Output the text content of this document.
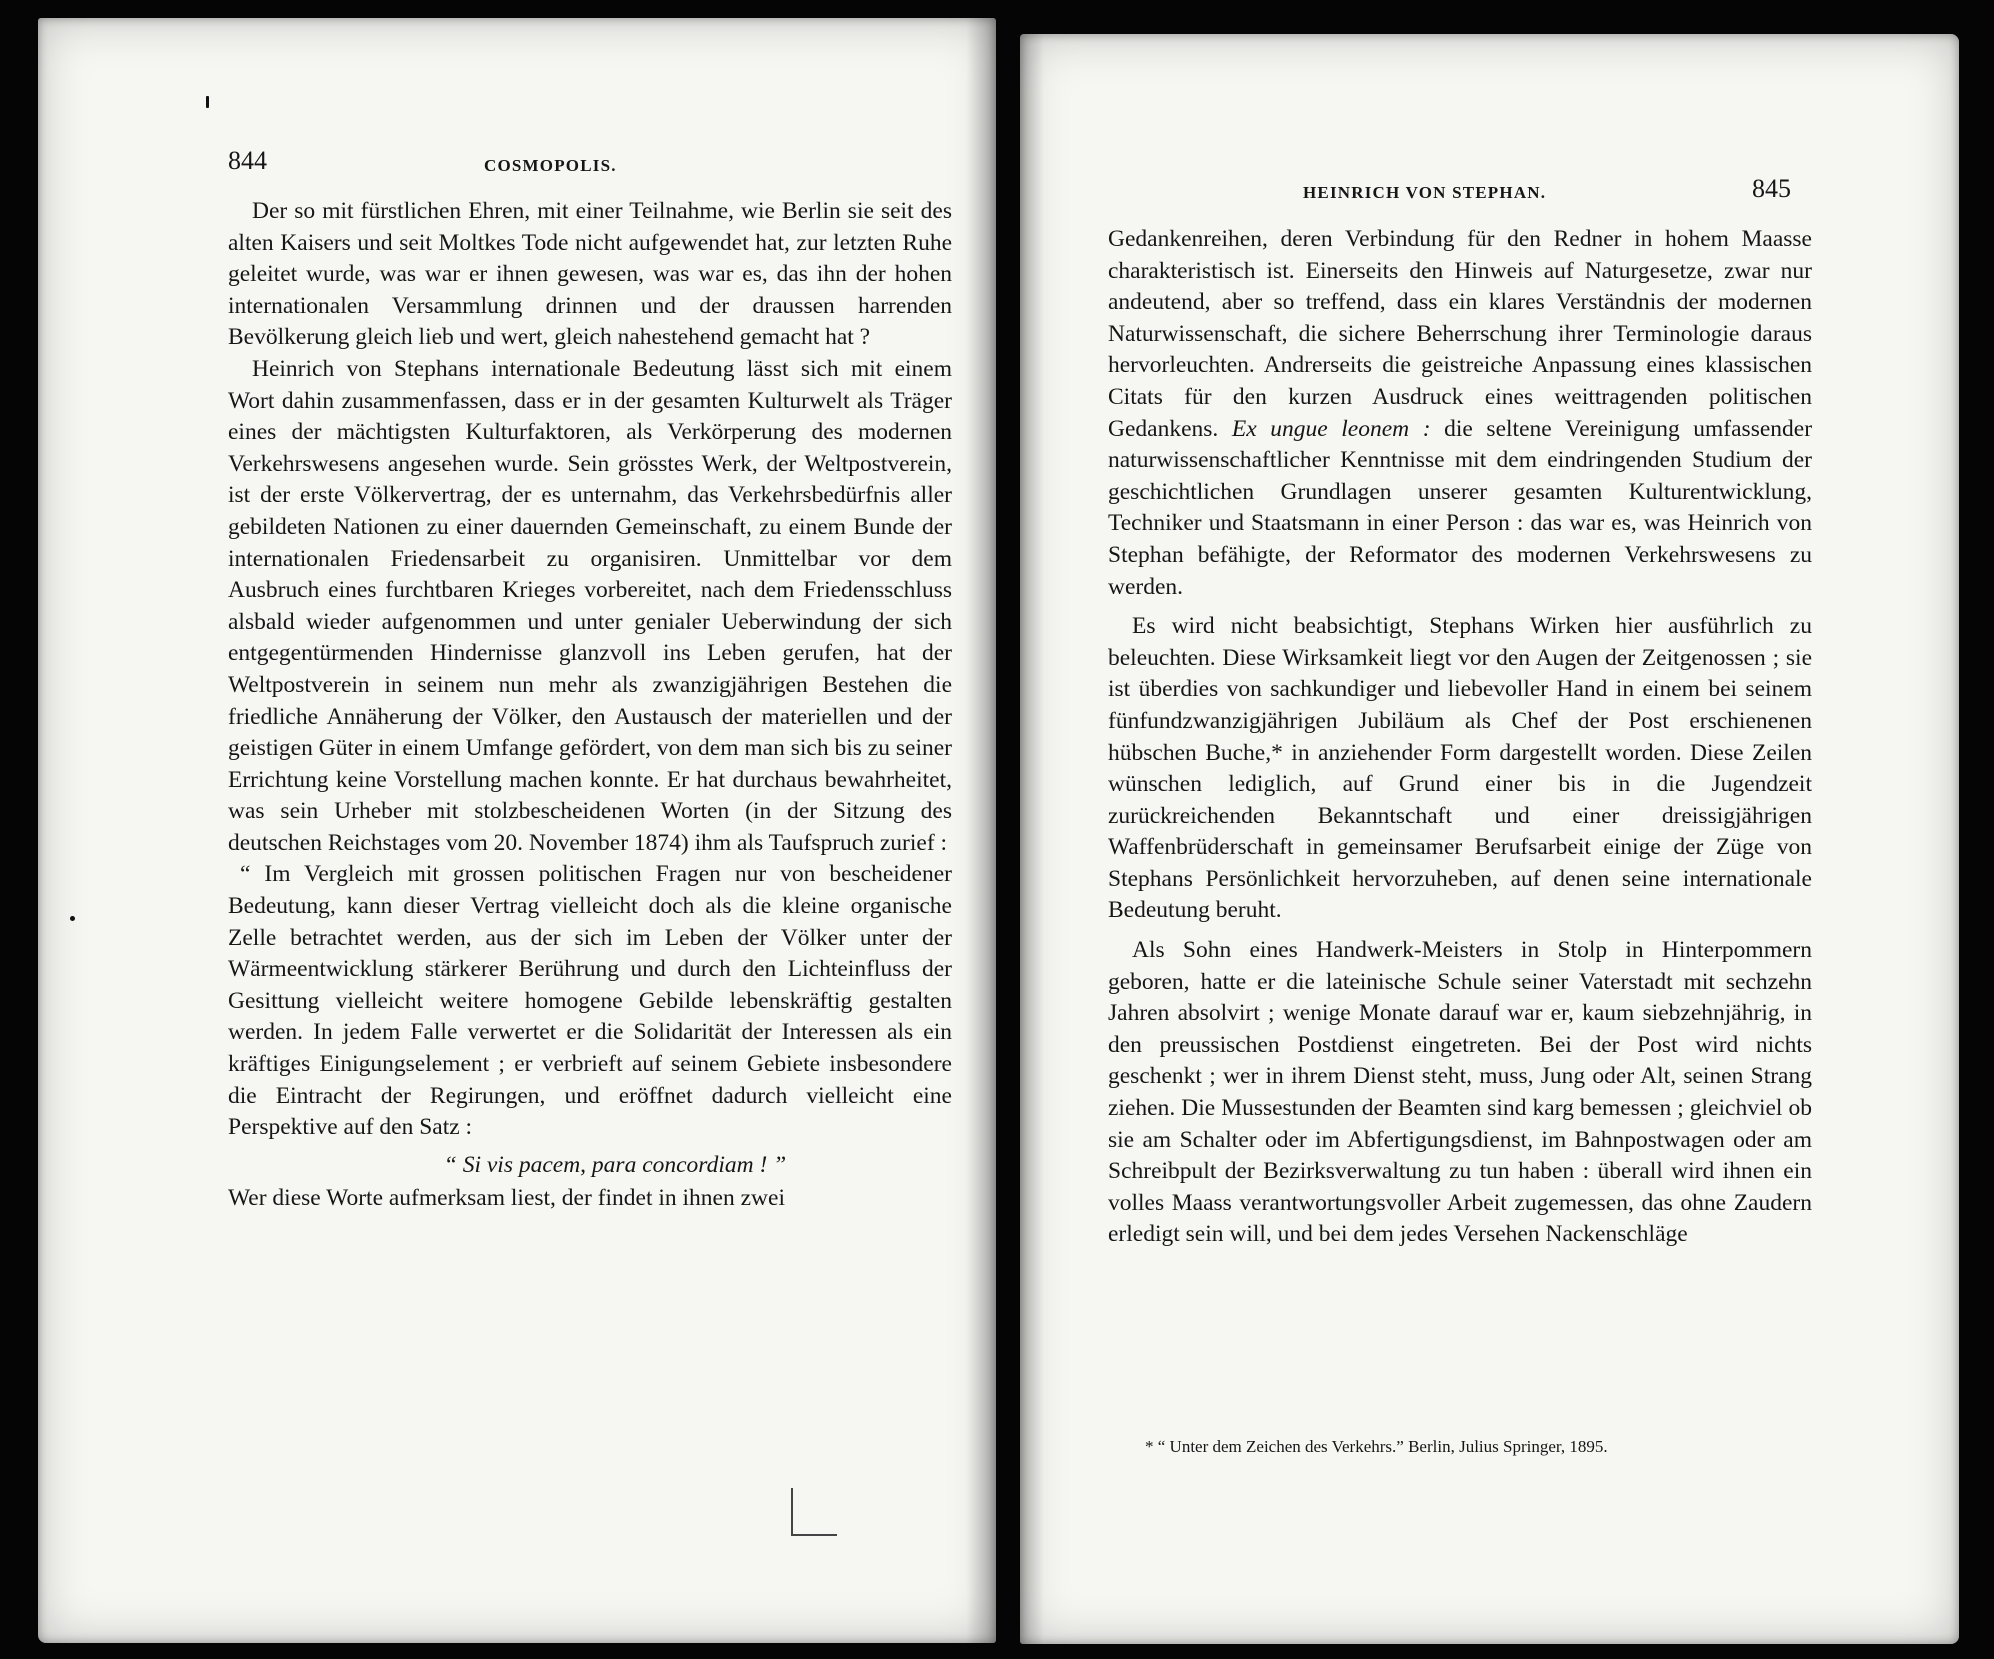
844	COSMOPOLIS.

Der so mit fürstlichen Ehren, mit einer Teilnahme, wie Berlin sie seit des alten Kaisers und seit Moltkes Tode nicht aufgewendet hat, zur letzten Ruhe geleitet wurde, was war er ihnen gewesen, was war es, das ihn der hohen internationalen Versammlung drinnen und der draussen harrenden Bevölkerung gleich lieb und wert, gleich nahestehend gemacht hat ?

Heinrich von Stephans internationale Bedeutung lässt sich mit einem Wort dahin zusammenfassen, dass er in der gesamten Kulturwelt als Träger eines der mächtigsten Kulturfaktoren, als Verkörperung des modernen Verkehrswesens angesehen wurde. Sein grösstes Werk, der Weltpostverein, ist der erste Völkervertrag, der es unternahm, das Verkehrsbedürfnis aller gebildeten Nationen zu einer dauernden Gemeinschaft, zu einem Bunde der internationalen Friedensarbeit zu organisiren. Unmittelbar vor dem Ausbruch eines furchtbaren Krieges vorbereitet, nach dem Friedensschluss alsbald wieder aufgenommen und unter genialer Ueberwindung der sich entgegentürmenden Hindernisse glanzvoll ins Leben gerufen, hat der Weltpostverein in seinem nun mehr als zwanzigjährigen Bestehen die friedliche Annäherung der Völker, den Austausch der materiellen und der geistigen Güter in einem Umfange gefördert, von dem man sich bis zu seiner Errichtung keine Vorstellung machen konnte. Er hat durchaus bewahrheitet, was sein Urheber mit stolzbescheidenen Worten (in der Sitzung des deutschen Reichstages vom 20. November 1874) ihm als Taufspruch zurief :

“ Im Vergleich mit grossen politischen Fragen nur von bescheidener Bedeutung, kann dieser Vertrag vielleicht doch als die kleine organische Zelle betrachtet werden, aus der sich im Leben der Völker unter der Wärmeentwicklung stärkerer Berührung und durch den Lichteinfluss der Gesittung vielleicht weitere homogene Gebilde lebenskräftig gestalten werden. In jedem Falle verwertet er die Solidarität der Interessen als ein kräftiges Einigungselement ; er verbrieft auf seinem Gebiete insbesondere die Eintracht der Regirungen, und eröffnet dadurch vielleicht eine Perspektive auf den Satz :

“ Si vis pacem, para concordiam ! ”

Wer diese Worte aufmerksam liest, der findet in ihnen zwei

HEINRICH VON STEPHAN.	845

Gedankenreihen, deren Verbindung für den Redner in hohem Maasse charakteristisch ist. Einerseits den Hinweis auf Naturgesetze, zwar nur andeutend, aber so treffend, dass ein klares Verständnis der modernen Naturwissenschaft, die sichere Beherrschung ihrer Terminologie daraus hervorleuchten. Andrerseits die geistreiche Anpassung eines klassischen Citats für den kurzen Ausdruck eines weittragenden politischen Gedankens. Ex ungue leonem : die seltene Vereinigung umfassender naturwissenschaftlicher Kenntnisse mit dem eindringenden Studium der geschichtlichen Grundlagen unserer gesamten Kulturentwicklung, Techniker und Staatsmann in einer Person : das war es, was Heinrich von Stephan befähigte, der Reformator des modernen Verkehrswesens zu werden.

Es wird nicht beabsichtigt, Stephans Wirken hier ausführlich zu beleuchten. Diese Wirksamkeit liegt vor den Augen der Zeitgenossen ; sie ist überdies von sachkundiger und liebevoller Hand in einem bei seinem fünfundzwanzigjährigen Jubiläum als Chef der Post erschienenen hübschen Buche,* in anziehender Form dargestellt worden. Diese Zeilen wünschen lediglich, auf Grund einer bis in die Jugendzeit zurückreichenden Bekanntschaft und einer dreissigjährigen Waffenbrüderschaft in gemeinsamer Berufsarbeit einige der Züge von Stephans Persönlichkeit hervorzuheben, auf denen seine internationale Bedeutung beruht.

Als Sohn eines Handwerk-Meisters in Stolp in Hinterpommern geboren, hatte er die lateinische Schule seiner Vaterstadt mit sechzehn Jahren absolvirt ; wenige Monate darauf war er, kaum siebzehnjährig, in den preussischen Postdienst eingetreten. Bei der Post wird nichts geschenkt ; wer in ihrem Dienst steht, muss, Jung oder Alt, seinen Strang ziehen. Die Mussestunden der Beamten sind karg bemessen ; gleichviel ob sie am Schalter oder im Abfertigungsdienst, im Bahnpostwagen oder am Schreibpult der Bezirksverwaltung zu tun haben : überall wird ihnen ein volles Maass verantwortungsvoller Arbeit zugemessen, das ohne Zaudern erledigt sein will, und bei dem jedes Versehen Nackenschläge

* “ Unter dem Zeichen des Verkehrs.” Berlin, Julius Springer, 1895.
